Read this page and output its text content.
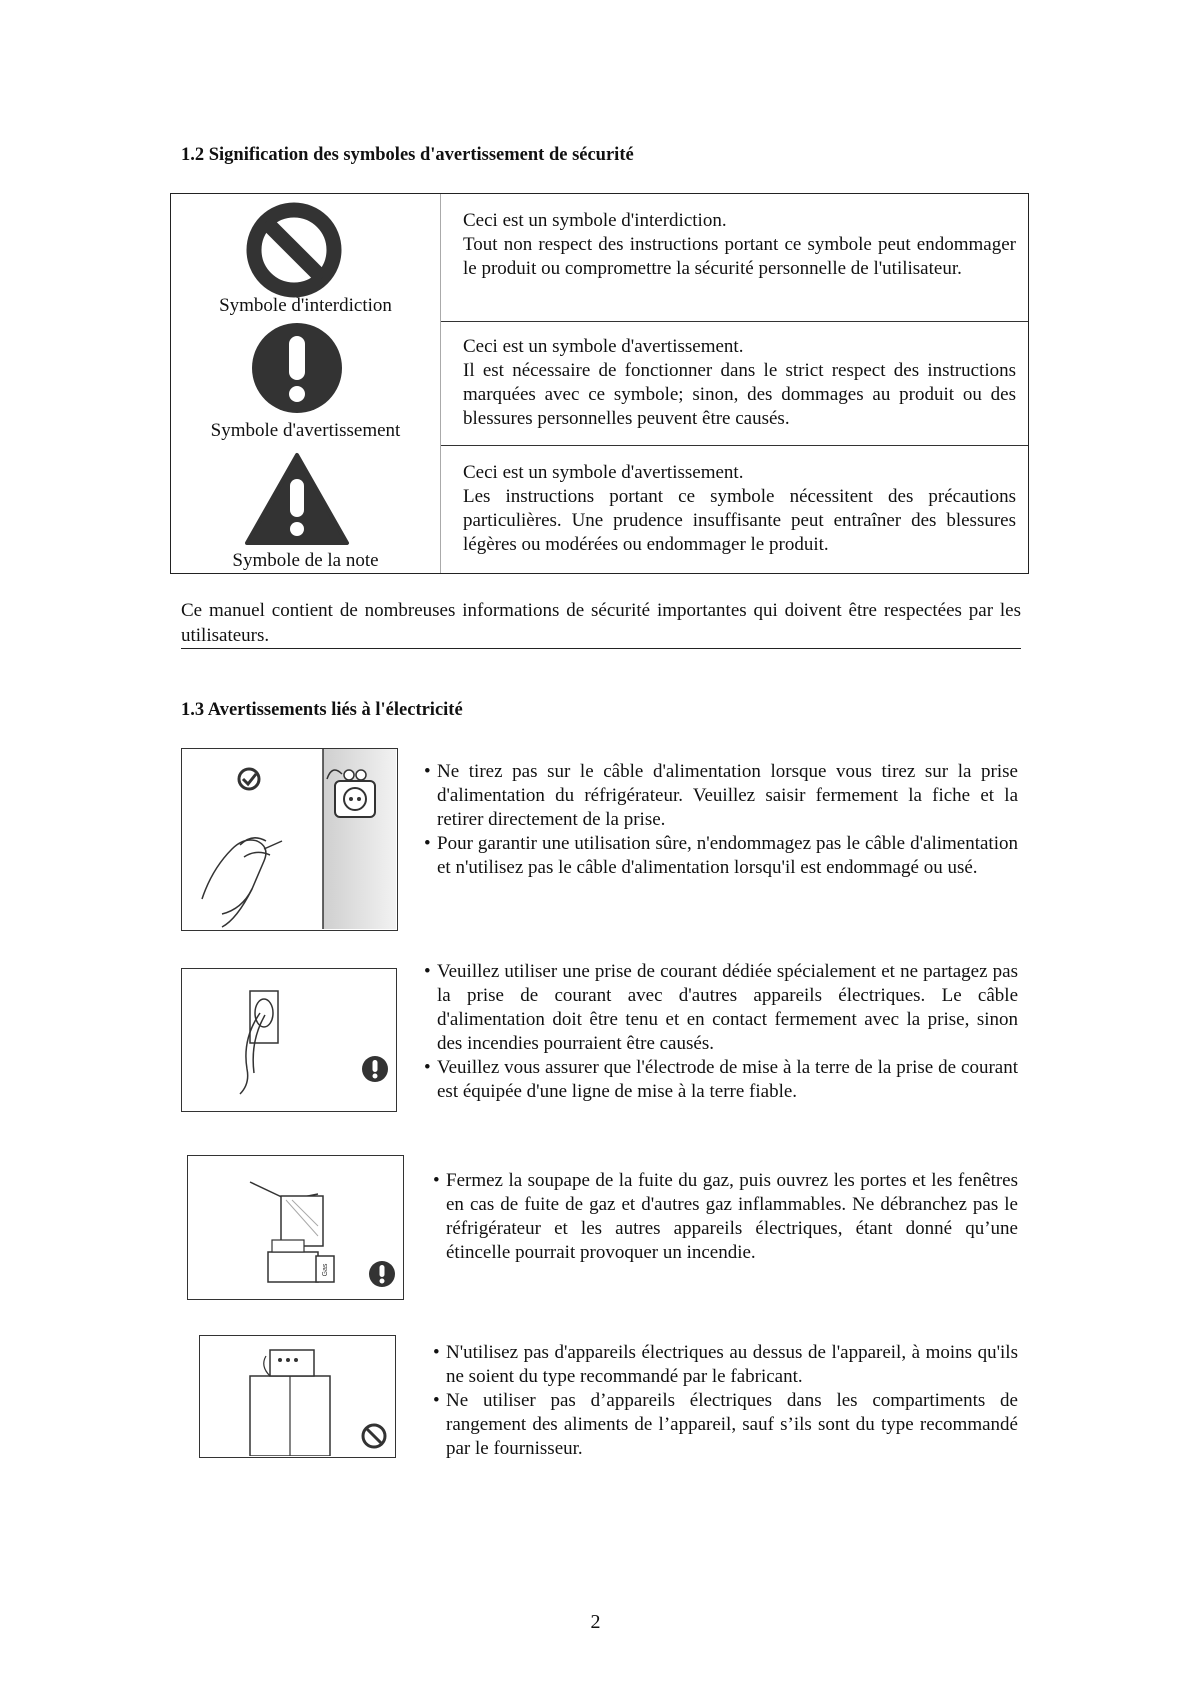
1.2 Signification des symboles d'avertissement de sécurité
Symbole d'interdiction

Ceci est un symbole d'interdiction.

Tout non respect des instructions portant ce symbole peut endommager le produit ou compromettre la sécurité personnelle de l'utilisateur.

Symbole d'avertissement

Ceci est un symbole d'avertissement.

Il est nécessaire de fonctionner dans le strict respect des instructions marquées avec ce symbole; sinon, des dommages au produit ou des blessures personnelles peuvent être causés.

Symbole de la note

Ceci est un symbole d'avertissement.

Les instructions portant ce symbole nécessitent des précautions particulières. Une prudence insuffisante peut entraîner des blessures légères ou modérées ou endommager le produit.

Ce manuel contient de nombreuses informations de sécurité importantes qui doivent être respectées par les utilisateurs.
1.3 Avertissements liés à l'électricité
• Ne tirez pas sur le câble d'alimentation lorsque vous tirez sur la prise d'alimentation du réfrigérateur. Veuillez saisir fermement la fiche et la retirer directement de la prise.
• Pour garantir une utilisation sûre, n'endommagez pas le câble d'alimentation et n'utilisez pas le câble d'alimentation lorsqu'il est endommagé ou usé.
• Veuillez utiliser une prise de courant dédiée spécialement et ne partagez pas la prise de courant avec d'autres appareils électriques. Le câble d'alimentation doit être tenu et en contact fermement avec la prise, sinon des incendies pourraient être causés.
• Veuillez vous assurer que l'électrode de mise à la terre de la prise de courant est équipée d'une ligne de mise à la terre fiable.
Gas
• Fermez la soupape de la fuite du gaz, puis ouvrez les portes et les fenêtres en cas de fuite de gaz et d'autres gaz inflammables. Ne débranchez pas le réfrigérateur et les autres appareils électriques, étant donné qu’une étincelle pourrait provoquer un incendie.
• N'utilisez pas d'appareils électriques au dessus de l'appareil, à moins qu'ils ne soient du type recommandé par le fabricant.
• Ne utiliser pas d’appareils électriques dans les compartiments de rangement des aliments de l’appareil, sauf s’ils sont du type recommandé par le fournisseur.
2
